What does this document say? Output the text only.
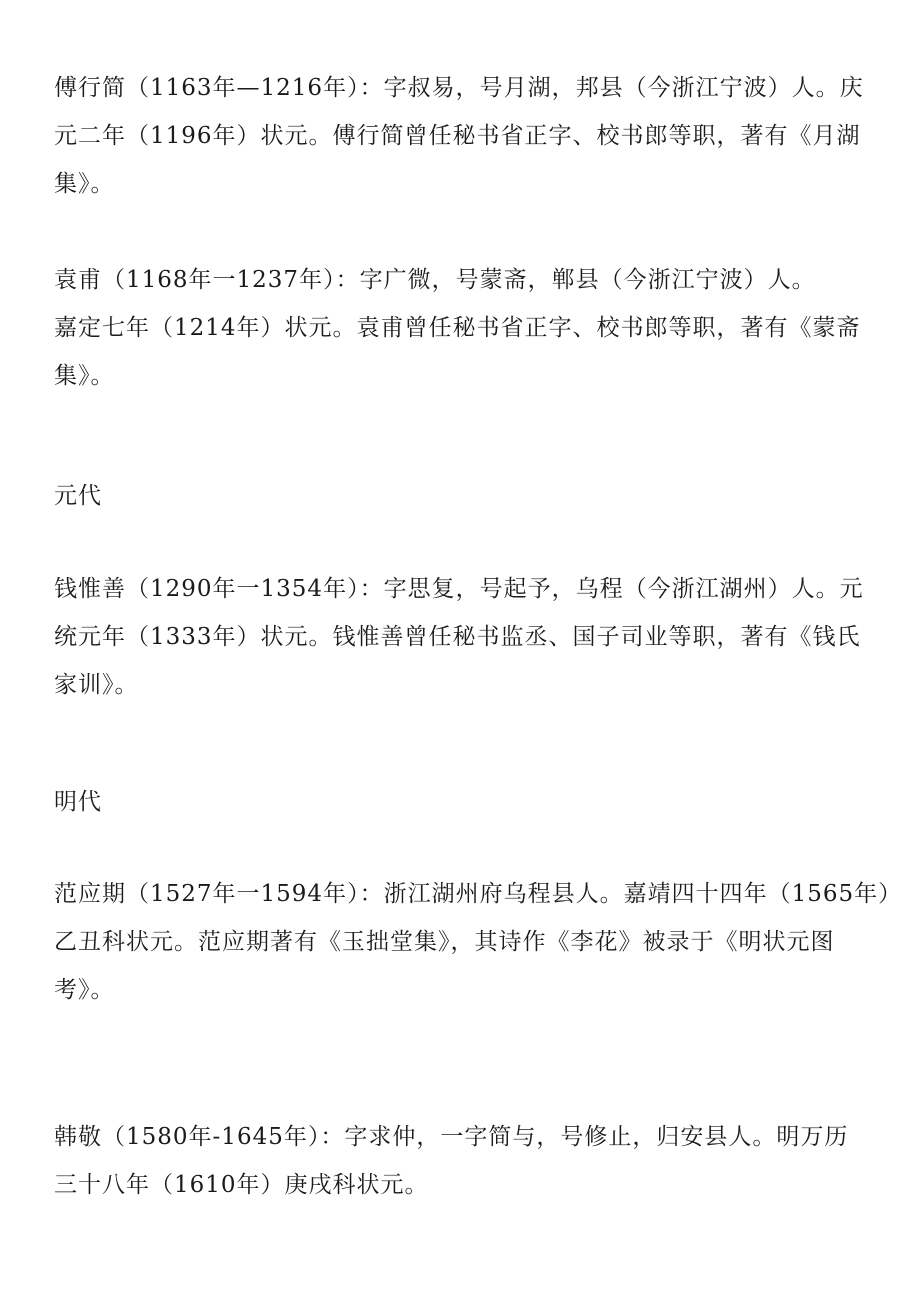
傅行简（1163年—1216年）：字叔易，号月湖，邦县（今浙江宁波）人。庆
元二年（1196年）状元。傅行简曾任秘书省正字、校书郎等职，著有《月湖
集》。

袁甫（1168年一1237年）：字广微，号蒙斋，郸县（今浙江宁波）人。
嘉定七年（1214年）状元。袁甫曾任秘书省正字、校书郎等职，著有《蒙斋
集》。

元代

钱惟善（1290年一1354年）：字思复，号起予，乌程（今浙江湖州）人。元
统元年（1333年）状元。钱惟善曾任秘书监丞、国子司业等职，著有《钱氏
家训》。

明代

范应期（1527年一1594年）：浙江湖州府乌程县人。嘉靖四十四年（1565年）
乙丑科状元。范应期著有《玉拙堂集》，其诗作《李花》被录于《明状元图
考》。

韩敬（1580年-1645年）：字求仲，一字简与，号修止，归安县人。明万历
三十八年（1610年）庚戌科状元。
